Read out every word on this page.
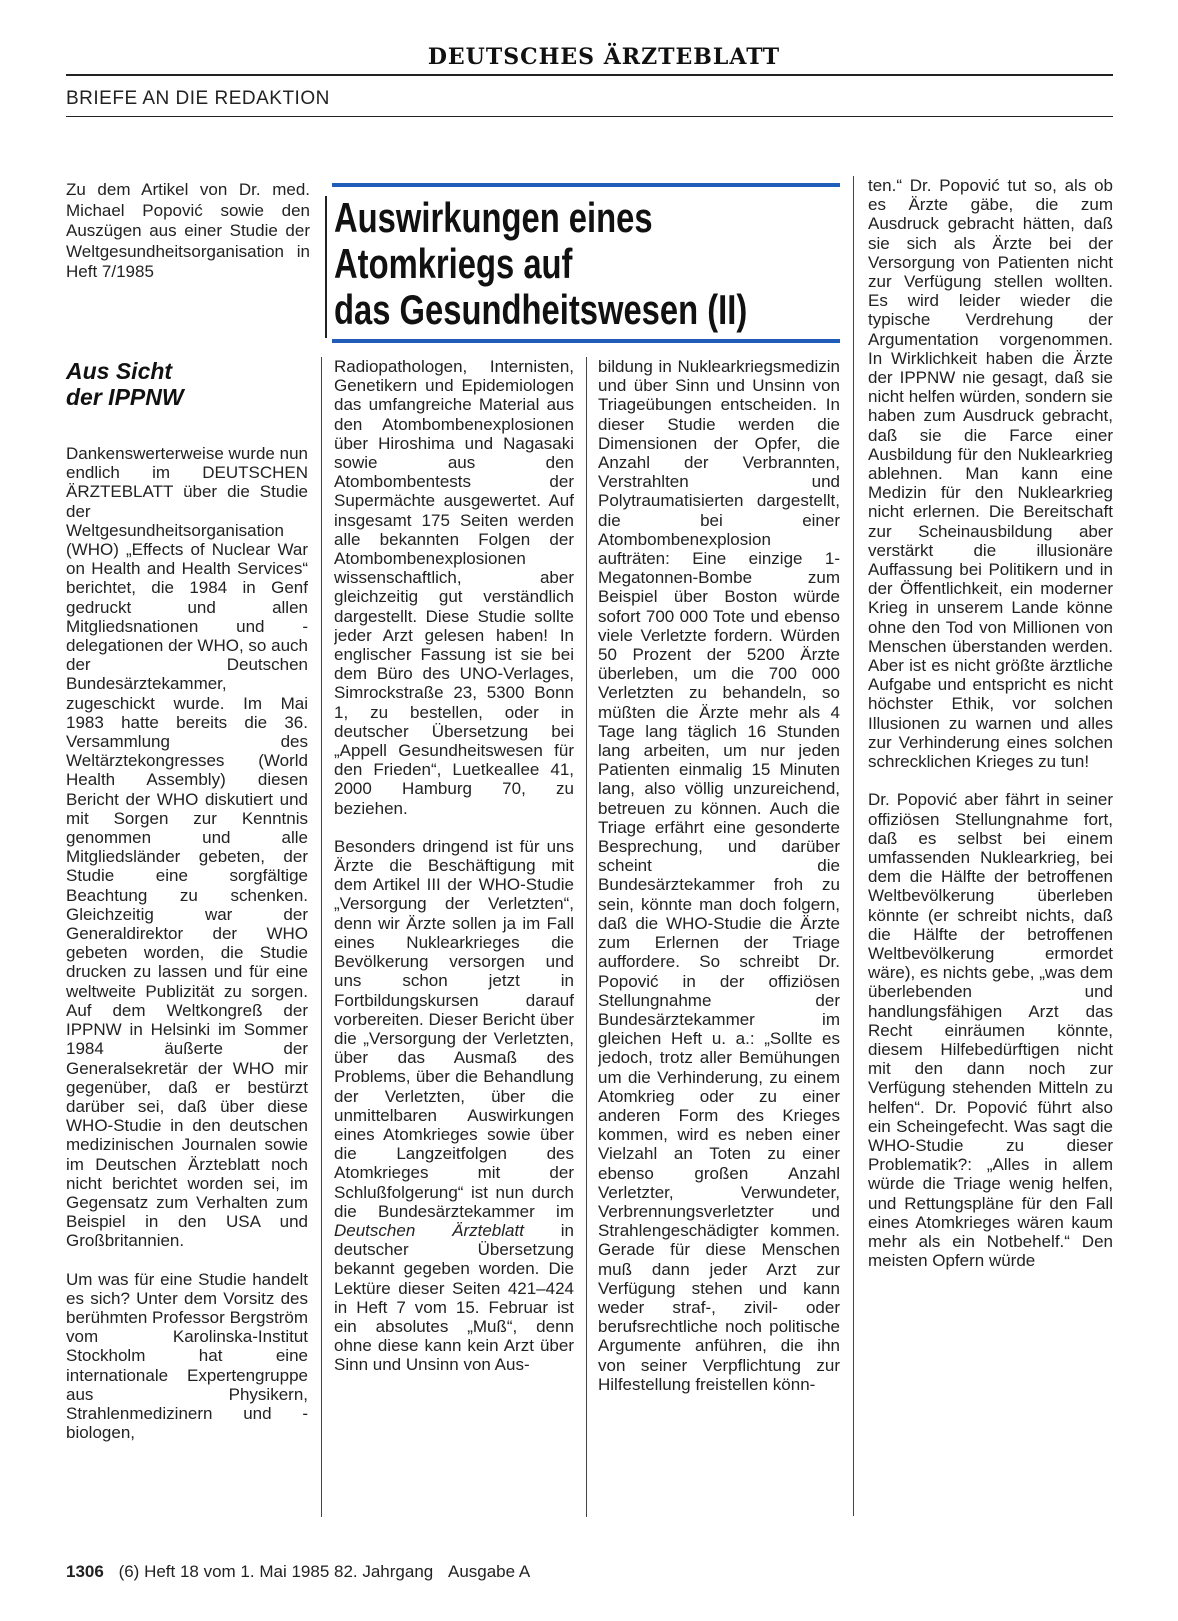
DEUTSCHES ÄRZTEBLATT
BRIEFE AN DIE REDAKTION
Zu dem Artikel von Dr. med. Michael Popović sowie den Auszügen aus einer Studie der Weltgesundheitsorganisation in Heft 7/1985
Auswirkungen eines
Atomkriegs auf
das Gesundheitswesen (II)
Aus Sicht
der IPPNW

Dankenswerterweise wurde nun endlich im DEUTSCHEN ÄRZTEBLATT über die Studie der Weltgesundheitsorganisation (WHO) „Effects of Nuclear War on Health and Health Services“ berichtet, die 1984 in Genf gedruckt und allen Mitgliedsnationen und -delegationen der WHO, so auch der Deutschen Bundesärztekammer, zugeschickt wurde. Im Mai 1983 hatte bereits die 36. Versammlung des Weltärztekongresses (World Health Assembly) diesen Bericht der WHO diskutiert und mit Sorgen zur Kenntnis genommen und alle Mitgliedsländer gebeten, der Studie eine sorgfältige Beachtung zu schenken. Gleichzeitig war der Generaldirektor der WHO gebeten worden, die Studie drucken zu lassen und für eine weltweite Publizität zu sorgen. Auf dem Weltkongreß der IPPNW in Helsinki im Sommer 1984 äußerte der Generalsekretär der WHO mir gegenüber, daß er bestürzt darüber sei, daß über diese WHO-Studie in den deutschen medizinischen Journalen sowie im Deutschen Ärzteblatt noch nicht berichtet worden sei, im Gegensatz zum Verhalten zum Beispiel in den USA und Großbritannien.

Um was für eine Studie handelt es sich? Unter dem Vorsitz des berühmten Professor Bergström vom Karolinska-Institut Stockholm hat eine internationale Expertengruppe aus Physikern, Strahlenmedizinern und -biologen,

Radiopathologen, Internisten, Genetikern und Epidemiologen das umfangreiche Material aus den Atombombenexplosionen über Hiroshima und Nagasaki sowie aus den Atombombentests der Supermächte ausgewertet. Auf insgesamt 175 Seiten werden alle bekannten Folgen der Atombombenexplosionen wissenschaftlich, aber gleichzeitig gut verständlich dargestellt. Diese Studie sollte jeder Arzt gelesen haben! In englischer Fassung ist sie bei dem Büro des UNO-Verlages, Simrockstraße 23, 5300 Bonn 1, zu bestellen, oder in deutscher Übersetzung bei „Appell Gesundheitswesen für den Frieden“, Luetkeallee 41, 2000 Hamburg 70, zu beziehen.

Besonders dringend ist für uns Ärzte die Beschäftigung mit dem Artikel III der WHO-Studie „Versorgung der Verletzten“, denn wir Ärzte sollen ja im Fall eines Nuklearkrieges die Bevölkerung versorgen und uns schon jetzt in Fortbildungskursen darauf vorbereiten. Dieser Bericht über die „Versorgung der Verletzten, über das Ausmaß des Problems, über die Behandlung der Verletzten, über die unmittelbaren Auswirkungen eines Atomkrieges sowie über die Langzeitfolgen des Atomkrieges mit der Schlußfolgerung“ ist nun durch die Bundesärztekammer im Deutschen Ärzteblatt in deutscher Übersetzung bekannt gegeben worden. Die Lektüre dieser Seiten 421–424 in Heft 7 vom 15. Februar ist ein absolutes „Muß“, denn ohne diese kann kein Arzt über Sinn und Unsinn von Aus-

bildung in Nuklearkriegsmedizin und über Sinn und Unsinn von Triageübungen entscheiden. In dieser Studie werden die Dimensionen der Opfer, die Anzahl der Verbrannten, Verstrahlten und Polytraumatisierten dargestellt, die bei einer Atombombenexplosion aufträten: Eine einzige 1-Megatonnen-Bombe zum Beispiel über Boston würde sofort 700 000 Tote und ebenso viele Verletzte fordern. Würden 50 Prozent der 5200 Ärzte überleben, um die 700 000 Verletzten zu behandeln, so müßten die Ärzte mehr als 4 Tage lang täglich 16 Stunden lang arbeiten, um nur jeden Patienten einmalig 15 Minuten lang, also völlig unzureichend, betreuen zu können. Auch die Triage erfährt eine gesonderte Besprechung, und darüber scheint die Bundesärztekammer froh zu sein, könnte man doch folgern, daß die WHO-Studie die Ärzte zum Erlernen der Triage auffordere. So schreibt Dr. Popović in der offiziösen Stellungnahme der Bundesärztekammer im gleichen Heft u. a.: „Sollte es jedoch, trotz aller Bemühungen um die Verhinderung, zu einem Atomkrieg oder zu einer anderen Form des Krieges kommen, wird es neben einer Vielzahl an Toten zu einer ebenso großen Anzahl Verletzter, Verwundeter, Verbrennungsverletzter und Strahlengeschädigter kommen. Gerade für diese Menschen muß dann jeder Arzt zur Verfügung stehen und kann weder straf-, zivil- oder berufsrechtliche noch politische Argumente anführen, die ihn von seiner Verpflichtung zur Hilfestellung freistellen könn-

ten.“ Dr. Popović tut so, als ob es Ärzte gäbe, die zum Ausdruck gebracht hätten, daß sie sich als Ärzte bei der Versorgung von Patienten nicht zur Verfügung stellen wollten. Es wird leider wieder die typische Verdrehung der Argumentation vorgenommen. In Wirklichkeit haben die Ärzte der IPPNW nie gesagt, daß sie nicht helfen würden, sondern sie haben zum Ausdruck gebracht, daß sie die Farce einer Ausbildung für den Nuklearkrieg ablehnen. Man kann eine Medizin für den Nuklearkrieg nicht erlernen. Die Bereitschaft zur Scheinausbildung aber verstärkt die illusionäre Auffassung bei Politikern und in der Öffentlichkeit, ein moderner Krieg in unserem Lande könne ohne den Tod von Millionen von Menschen überstanden werden. Aber ist es nicht größte ärztliche Aufgabe und entspricht es nicht höchster Ethik, vor solchen Illusionen zu warnen und alles zur Verhinderung eines solchen schrecklichen Krieges zu tun!

Dr. Popović aber fährt in seiner offiziösen Stellungnahme fort, daß es selbst bei einem umfassenden Nuklearkrieg, bei dem die Hälfte der betroffenen Weltbevölkerung überleben könnte (er schreibt nichts, daß die Hälfte der betroffenen Weltbevölkerung ermordet wäre), es nichts gebe, „was dem überlebenden und handlungsfähigen Arzt das Recht einräumen könnte, diesem Hilfebedürftigen nicht mit den dann noch zur Verfügung stehenden Mitteln zu helfen“. Dr. Popović führt also ein Scheingefecht. Was sagt die WHO-Studie zu dieser Problematik?: „Alles in allem würde die Triage wenig helfen, und Rettungspläne für den Fall eines Atomkrieges wären kaum mehr als ein Notbehelf.“ Den meisten Opfern würde

1306 (6) Heft 18 vom 1. Mai 1985 82. Jahrgang Ausgabe A
